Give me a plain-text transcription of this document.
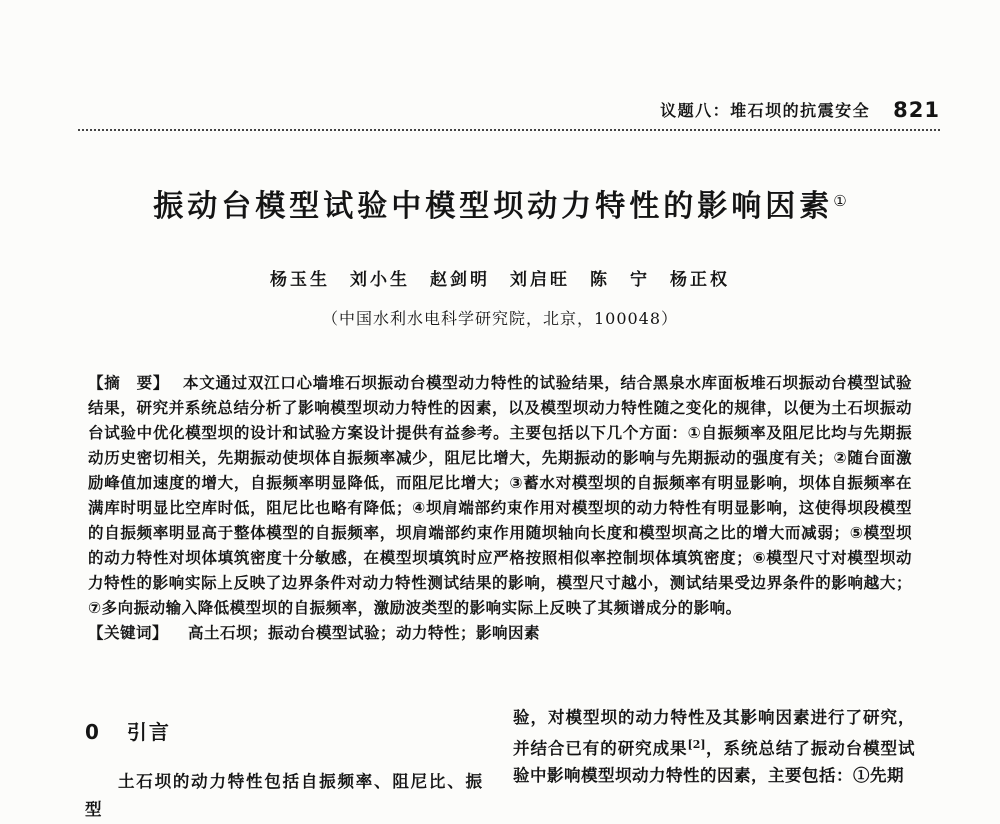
议题八：堆石坝的抗震安全 821
振动台模型试验中模型坝动力特性的影响因素①
杨玉生　刘小生　赵剑明　刘启旺　陈　宁　杨正权
（中国水利水电科学研究院，北京，100048）
【摘　要】 本文通过双江口心墙堆石坝振动台模型动力特性的试验结果，结合黑泉水库面板堆石坝振动台模型试验结果，研究并系统总结分析了影响模型坝动力特性的因素，以及模型坝动力特性随之变化的规律，以便为土石坝振动台试验中优化模型坝的设计和试验方案设计提供有益参考。主要包括以下几个方面：①自振频率及阻尼比均与先期振动历史密切相关，先期振动使坝体自振频率减少，阻尼比增大，先期振动的影响与先期振动的强度有关；②随台面激励峰值加速度的增大，自振频率明显降低，而阻尼比增大；③蓄水对模型坝的自振频率有明显影响，坝体自振频率在满库时明显比空库时低，阻尼比也略有降低；④坝肩端部约束作用对模型坝的动力特性有明显影响，这使得坝段模型的自振频率明显高于整体模型的自振频率，坝肩端部约束作用随坝轴向长度和模型坝高之比的增大而减弱；⑤模型坝的动力特性对坝体填筑密度十分敏感，在模型坝填筑时应严格按照相似率控制坝体填筑密度；⑥模型尺寸对模型坝动力特性的影响实际上反映了边界条件对动力特性测试结果的影响，模型尺寸越小，测试结果受边界条件的影响越大；⑦多向振动输入降低模型坝的自振频率，激励波类型的影响实际上反映了其频谱成分的影响。
【关键词】 高土石坝；振动台模型试验；动力特性；影响因素
0 引言

土石坝的动力特性包括自振频率、阻尼比、振型

验，对模型坝的动力特性及其影响因素进行了研究，并结合已有的研究成果[2]，系统总结了振动台模型试验中影响模型坝动力特性的因素，主要包括：①先期
